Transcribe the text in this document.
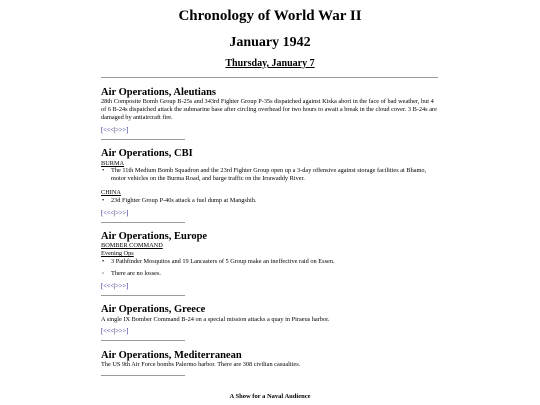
Chronology of World War II
January 1942
Thursday, January 7
Air Operations, Aleutians

28th Composite Bomb Group B-25s and 343rd Fighter Group P-35s dispatched against Kiska abort in the face of bad weather, but 4 of 6 B-24s dispatched attack the submarine base after circling overhead for two hours to await a break in the cloud cover. 3 B-24s are damaged by antiaircraft fire.

[<<<|>>>]

Air Operations, CBI

BURMA

• The 11th Medium Bomb Squadron and the 23rd Fighter Group open up a 3-day offensive against storage facilities at Bhamo, motor vehicles on the Burma Road, and barge traffic on the Irrawaddy River.

CHINA

• 23d Fighter Group P-40s attack a fuel dump at Mangshih.

[<<<|>>>]

Air Operations, Europe

BOMBER COMMAND

Evening Ops

• 3 Pathfinder Mosquitos and 19 Lancasters of 5 Group make an ineffective raid on Essen.
◦ There are no losses.

[<<<|>>>]

Air Operations, Greece

A single IX Bomber Command B-24 on a special mission attacks a quay in Piraeus harbor.

[<<<|>>>]

Air Operations, Mediterranean

The US 9th Air Force bombs Palermo harbor. There are 308 civilian casualties.

A Show for a Naval Audience
